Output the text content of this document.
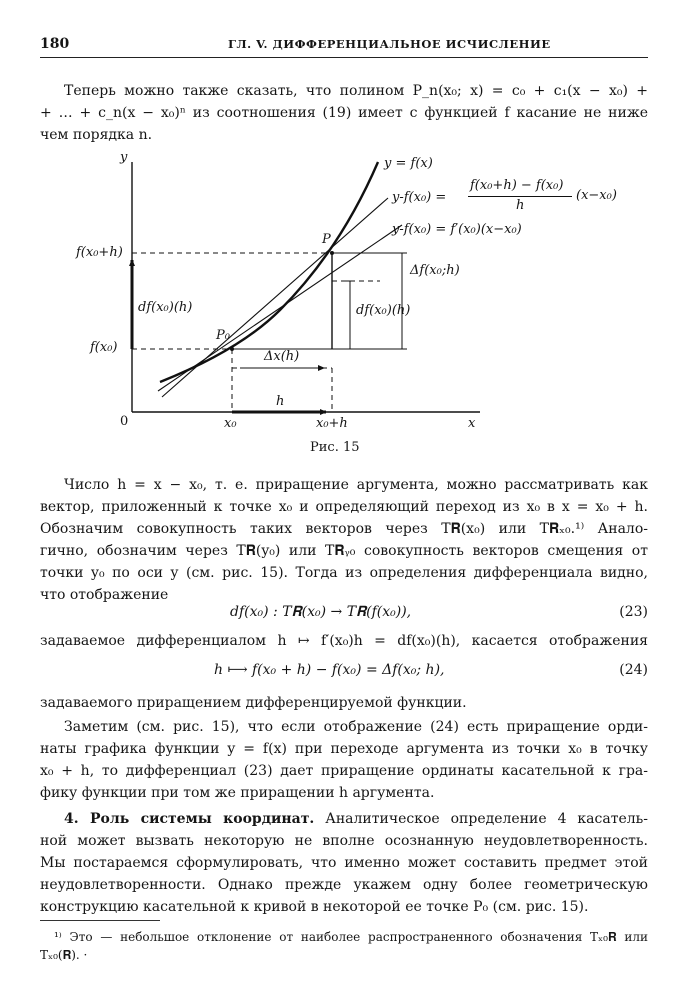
180	ГЛ. V. ДИФФЕРЕНЦИАЛЬНОЕ ИСЧИСЛЕНИЕ

Теперь можно также сказать, что полином P_n(x₀; x) = c₀ + c₁(x − x₀) +
+ … + c_n(x − x₀)ⁿ из соотношения (19) имеет с функцией f касание не ниже
чем порядка n.

y
x
0
y = f(x)
y-f(x₀) =
f(x₀+h) − f(x₀)
h
(x−x₀)
y-f(x₀) = f′(x₀)(x−x₀)
f(x₀+h)
f(x₀)
df(x₀)(h)	df(x₀)(h)
Δf(x₀;h)
Δx(h)
h
P
P₀
x₀	x₀+h
Рис. 15

Число h = x − x₀, т. е. приращение аргумента, можно рассматривать как
вектор, приложенный к точке x₀ и определяющий переход из x₀ в x = x₀ + h.
Обозначим совокупность таких векторов через T𝐑(x₀) или T𝐑ₓ₀.¹⁾ Анало-
гично, обозначим через T𝐑(y₀) или T𝐑ᵧ₀ совокупность векторов смещения от
точки y₀ по оси y (см. рис. 15). Тогда из определения дифференциала видно,
что отображение

df(x₀) : T𝐑(x₀) → T𝐑(f(x₀)),	(23)

задаваемое дифференциалом h ↦ f′(x₀)h = df(x₀)(h), касается отображения

h ⟼ f(x₀ + h) − f(x₀) = Δf(x₀; h),	(24)

задаваемого приращением дифференцируемой функции.

Заметим (см. рис. 15), что если отображение (24) есть приращение орди-
наты графика функции y = f(x) при переходе аргумента из точки x₀ в точку
x₀ + h, то дифференциал (23) дает приращение ординаты касательной к гра-
фику функции при том же приращении h аргумента.

4. Роль системы координат. Аналитическое определение 4 касатель-
ной может вызвать некоторую не вполне осознанную неудовлетворенность.
Мы постараемся сформулировать, что именно может составить предмет этой
неудовлетворенности. Однако прежде укажем одну более геометрическую
конструкцию касательной к кривой в некоторой ее точке P₀ (см. рис. 15).

¹⁾ Это — небольшое отклонение от наиболее распространенного обозначения Tₓ₀𝐑 или
Tₓ₀(𝐑). ·
